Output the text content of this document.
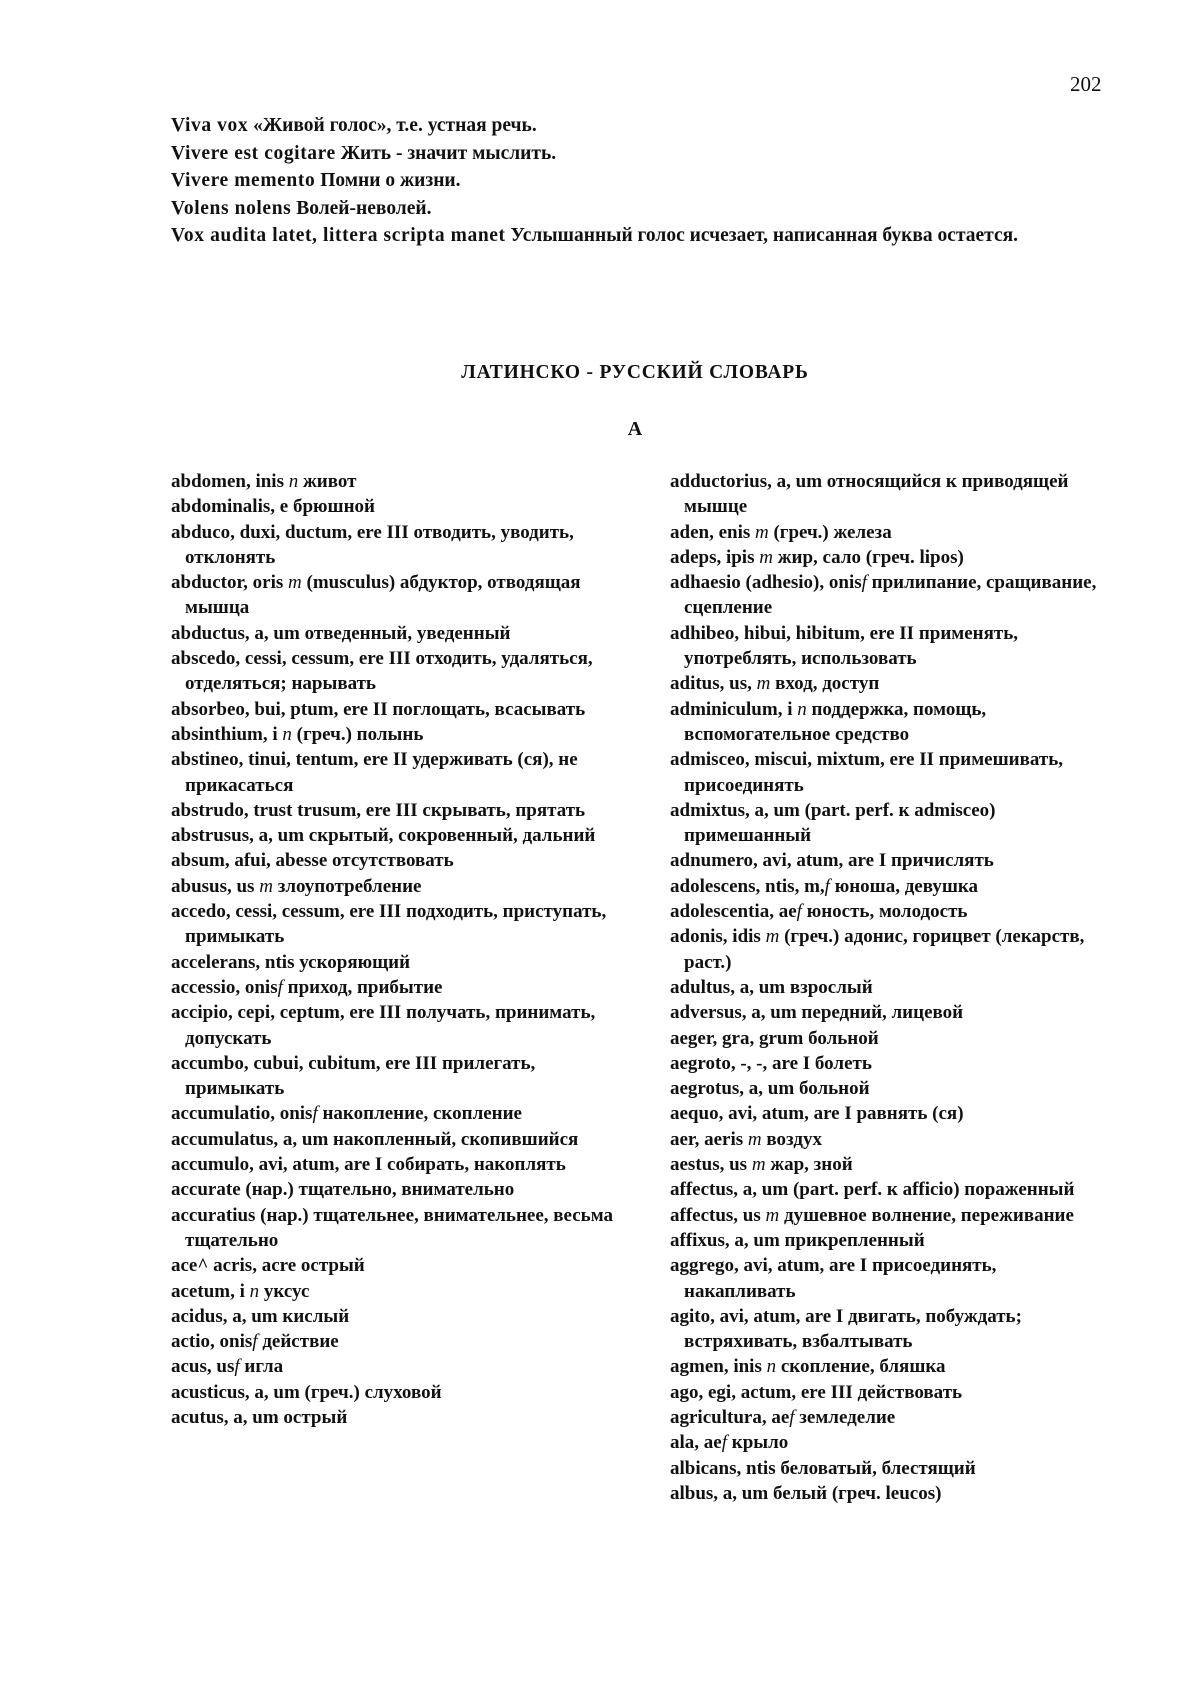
202

Viva vox «Живой голос», т.е. устная речь.

Vivere est cogitare Жить - значит мыслить.

Vivere memento Помни о жизни.

Volens nolens Волей-неволей.

Vox audita latet, littera scripta manet Услышанный голос исчезает, написанная буква остается.

ЛАТИНСКО - РУССКИЙ СЛОВАРЬ
А

abdomen, inis n живот

abdominalis, e брюшной

abduco, duxi, ductum, ere III отводить, уводить, отклонять

abductor, oris m (musculus) абдуктор, отводящая мышца

abductus, a, um отведенный, уведенный

abscedo, cessi, cessum, ere III отходить, удаляться, отделяться; нарывать

absorbeo, bui, ptum, ere II поглощать, всасывать

absinthium, i n (греч.) полынь

abstineo, tinui, tentum, ere II удерживать (ся), не прикасаться

abstrudo, trust trusum, ere III скрывать, прятать

abstrusus, a, um скрытый, сокровенный, дальний

absum, afui, abesse отсутствовать

abusus, us m злоупотребление

accedo, cessi, cessum, ere III подходить, приступать, примыкать

accelerans, ntis ускоряющий

accessio, onisf приход, прибытие

accipio, cepi, ceptum, ere III получать, принимать, допускать

accumbo, cubui, cubitum, ere III прилегать, примыкать

accumulatio, onisf накопление, скопление

accumulatus, a, um накопленный, скопившийся

accumulo, avi, atum, are I собирать, накоплять

accurate (нар.) тщательно, внимательно

accuratius (нар.) тщательнее, внимательнее, весьма тщательно

ace^ acris, acre острый

acetum, i n уксус

acidus, a, um кислый

actio, onisf действие

acus, usf игла

acusticus, a, um (греч.) слуховой

acutus, a, um острый

adductorius, a, um относящийся к приводящей мышце

aden, enis m (греч.) железа

adeps, ipis m жир, сало (греч. lipos)

adhaesio (adhesio), onisf прилипание, сращивание, сцепление

adhibeo, hibui, hibitum, ere II применять, употреблять, использовать

aditus, us, m вход, доступ

adminiculum, i n поддержка, помощь, вспомогательное средство

admisceo, miscui, mixtum, ere II примешивать, присоединять

admixtus, a, um (part. perf. к admisceo) примешанный

adnumero, avi, atum, are I причислять

adolescens, ntis, m,f юноша, девушка

adolescentia, aef юность, молодость

adonis, idis m (греч.) адонис, горицвет (лекарств, раст.)

adultus, a, um взрослый

adversus, a, um передний, лицевой

aeger, gra, grum больной

aegroto, -, -, are I болеть

aegrotus, a, um больной

aequo, avi, atum, are I равнять (ся)

aer, aeris m воздух

aestus, us m жар, зной

affectus, a, um (part. perf. к afficio) пораженный

affectus, us m душевное волнение, переживание

affixus, a, um прикрепленный

aggrego, avi, atum, are I присоединять, накапливать

agito, avi, atum, are I двигать, побуждать; встряхивать, взбалтывать

agmen, inis n скопление, бляшка

ago, egi, actum, ere III действовать

agricultura, aef земледелие

ala, aef крыло

albicans, ntis беловатый, блестящий

albus, a, um белый (греч. leucos)
